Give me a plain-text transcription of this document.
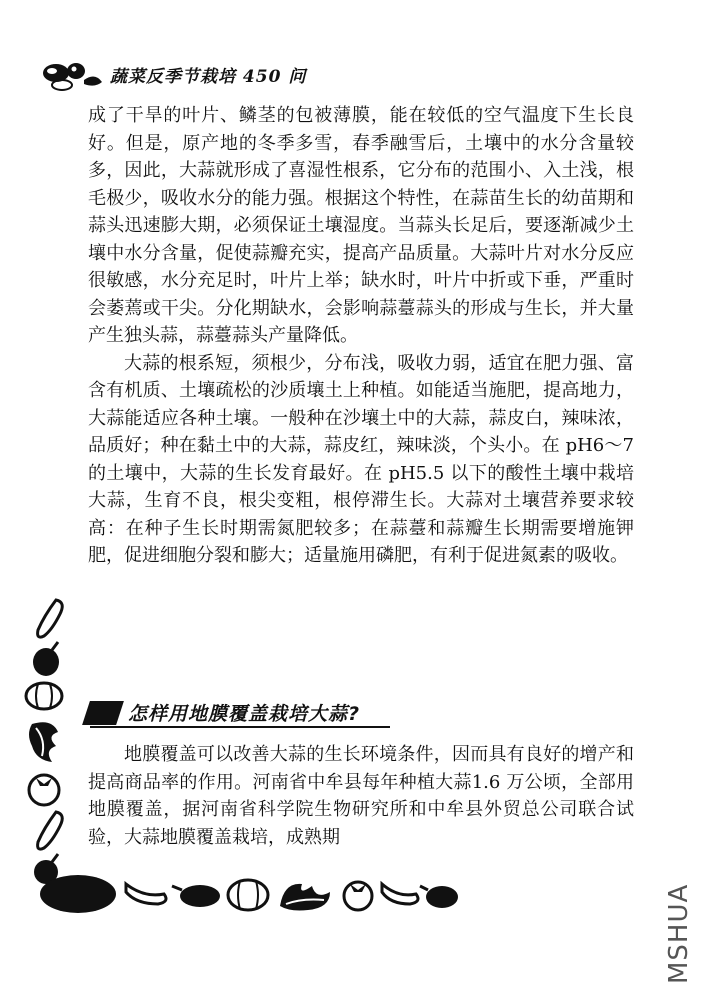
蔬菜反季节栽培 450 问

成了干旱的叶片、鳞茎的包被薄膜，能在较低的空气温度下生长良好。但是，原产地的冬季多雪，春季融雪后，土壤中的水分含量较多，因此，大蒜就形成了喜湿性根系，它分布的范围小、入土浅，根毛极少，吸收水分的能力强。根据这个特性，在蒜苗生长的幼苗期和蒜头迅速膨大期，必须保证土壤湿度。当蒜头长足后，要逐渐减少土壤中水分含量，促使蒜瓣充实，提高产品质量。大蒜叶片对水分反应很敏感，水分充足时，叶片上举；缺水时，叶片中折或下垂，严重时会萎蔫或干尖。分化期缺水，会影响蒜薹蒜头的形成与生长，并大量产生独头蒜，蒜薹蒜头产量降低。

大蒜的根系短，须根少，分布浅，吸收力弱，适宜在肥力强、富含有机质、土壤疏松的沙质壤土上种植。如能适当施肥，提高地力，大蒜能适应各种土壤。一般种在沙壤土中的大蒜，蒜皮白，辣味浓，品质好；种在黏土中的大蒜，蒜皮红，辣味淡，个头小。在 pH6～7 的土壤中，大蒜的生长发育最好。在 pH5.5 以下的酸性土壤中栽培大蒜，生育不良，根尖变粗，根停滞生长。大蒜对土壤营养要求较高：在种子生长时期需氮肥较多；在蒜薹和蒜瓣生长期需要增施钾肥，促进细胞分裂和膨大；适量施用磷肥，有利于促进氮素的吸收。

怎样用地膜覆盖栽培大蒜?

地膜覆盖可以改善大蒜的生长环境条件，因而具有良好的增产和提高商品率的作用。河南省中牟县每年种植大蒜1.6 万公顷，全部用地膜覆盖，据河南省科学院生物研究所和中牟县外贸总公司联合试验，大蒜地膜覆盖栽培，成熟期

MSHUA
